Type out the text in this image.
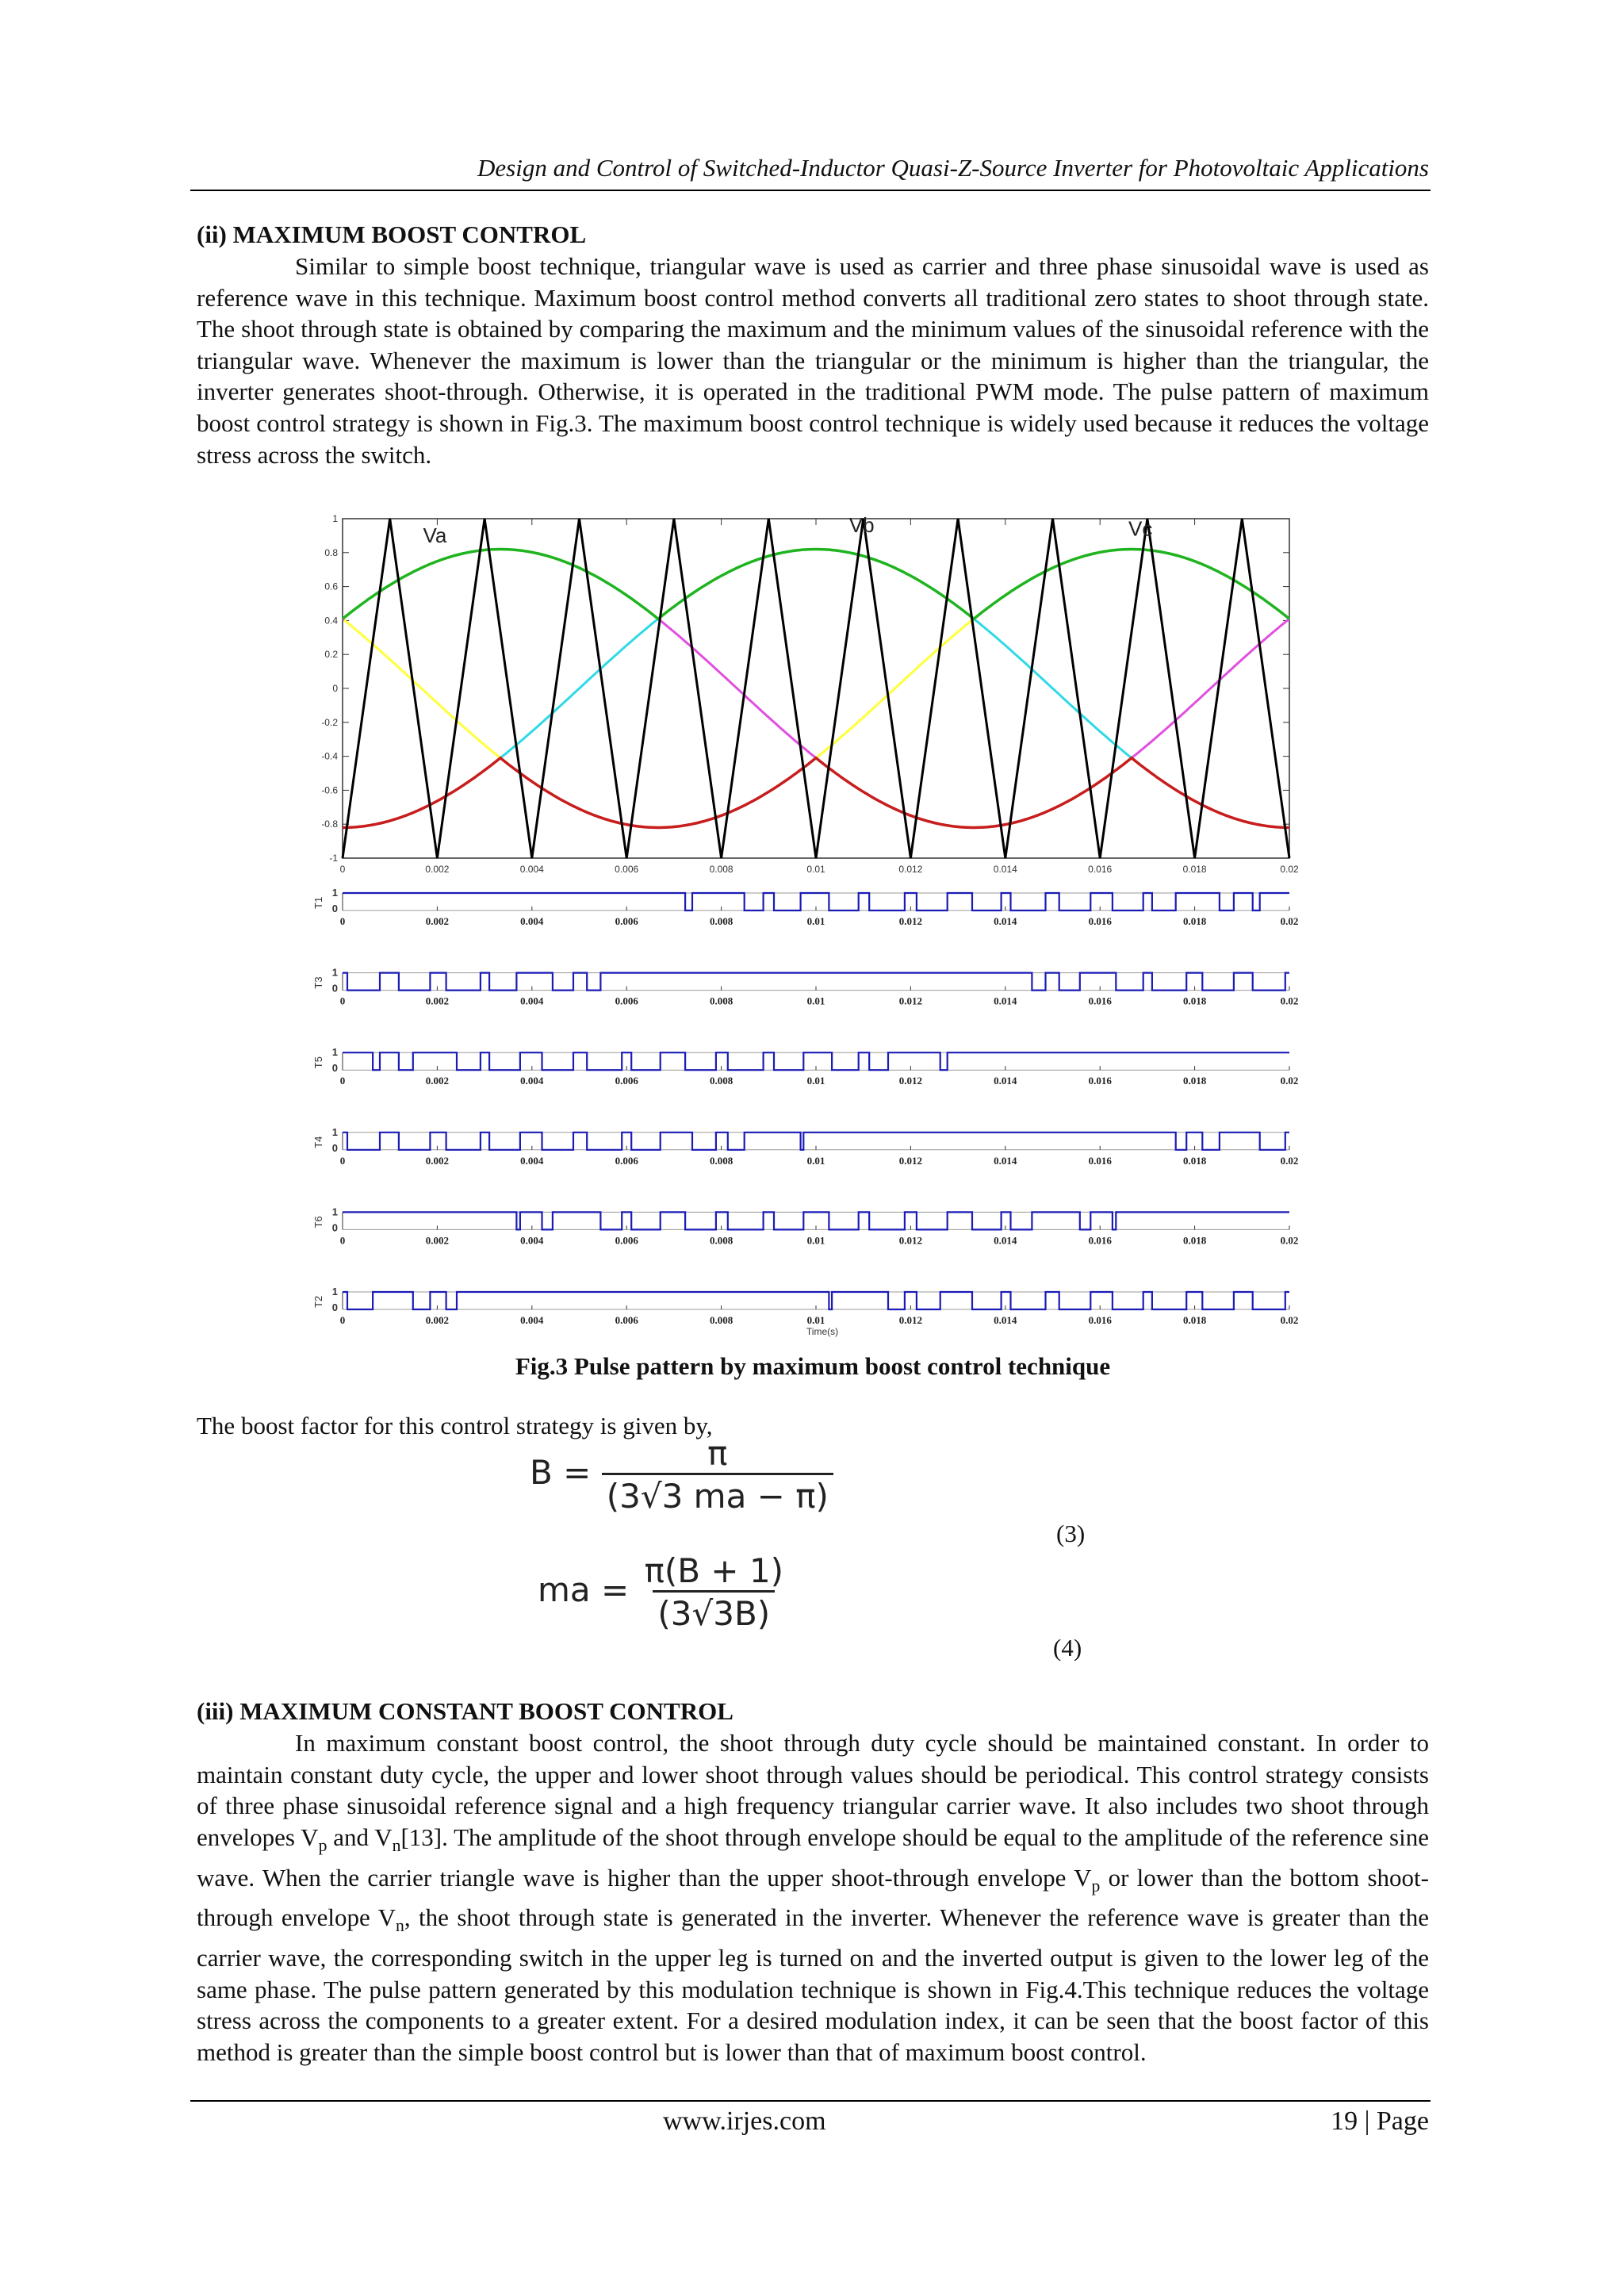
Design and Control of Switched-Inductor Quasi-Z-Source Inverter for Photovoltaic Applications
(ii) MAXIMUM BOOST CONTROL

Similar to simple boost technique, triangular wave is used as carrier and three phase sinusoidal wave is used as reference wave in this technique. Maximum boost control method converts all traditional zero states to shoot through state. The shoot through state is obtained by comparing the maximum and the minimum values of the sinusoidal reference with the triangular wave. Whenever the maximum is lower than the triangular or the minimum is higher than the triangular, the inverter generates shoot-through. Otherwise, it is operated in the traditional PWM mode. The pulse pattern of maximum boost control strategy is shown in Fig.3. The maximum boost control technique is widely used because it reduces the voltage stress across the switch.

0	0.002	0.004	0.006	0.008	0.01	0.012	0.014	0.016	0.018	0.02
1
0.8
0.6
0.4
0.2
0
-0.2
-0.4
-0.6
-0.8
-1
Va	Vb	Vc
T1
1
0
0	0.002	0.004	0.006	0.008	0.01	0.012	0.014	0.016	0.018	0.02
T3
1
0
0	0.002	0.004	0.006	0.008	0.01	0.012	0.014	0.016	0.018	0.02
T5
1
0
0	0.002	0.004	0.006	0.008	0.01	0.012	0.014	0.016	0.018	0.02
T4
1
0
0	0.002	0.004	0.006	0.008	0.01	0.012	0.014	0.016	0.018	0.02
T6
1
0
0	0.002	0.004	0.006	0.008	0.01	0.012	0.014	0.016	0.018	0.02
T2
1
0
0	0.002	0.004	0.006	0.008	0.01	0.012	0.014	0.016	0.018	0.02
Time(s)
Fig.3 Pulse pattern by maximum boost control technique

The boost factor for this control strategy is given by,

$B = \frac{\pi}{(3√3 ma - \pi)}$
(3)
ma = $\frac{\pi(B + 1)}{(3√3B)}$
(4)
(iii) MAXIMUM CONSTANT BOOST CONTROL

In maximum constant boost control, the shoot through duty cycle should be maintained constant. In order to maintain constant duty cycle, the upper and lower shoot through values should be periodical. This control strategy consists of three phase sinusoidal reference signal and a high frequency triangular carrier wave. It also includes two shoot through envelopes $V_p$ and $V_n[13]$. The amplitude of the shoot through envelope should be equal to the amplitude of the reference sine wave. When the carrier triangle wave is higher than the upper shoot-through envelope $V_p$ or lower than the bottom shoot-through envelope $V_n$, the shoot through state is generated in the inverter. Whenever the reference wave is greater than the carrier wave, the corresponding switch in the upper leg is turned on and the inverted output is given to the lower leg of the same phase. The pulse pattern generated by this modulation technique is shown in Fig.4.This technique reduces the voltage stress across the components to a greater extent. For a desired modulation index, it can be seen that the boost factor of this method is greater than the simple boost control but is lower than that of maximum boost control.

www.irjes.com	19 | Page
